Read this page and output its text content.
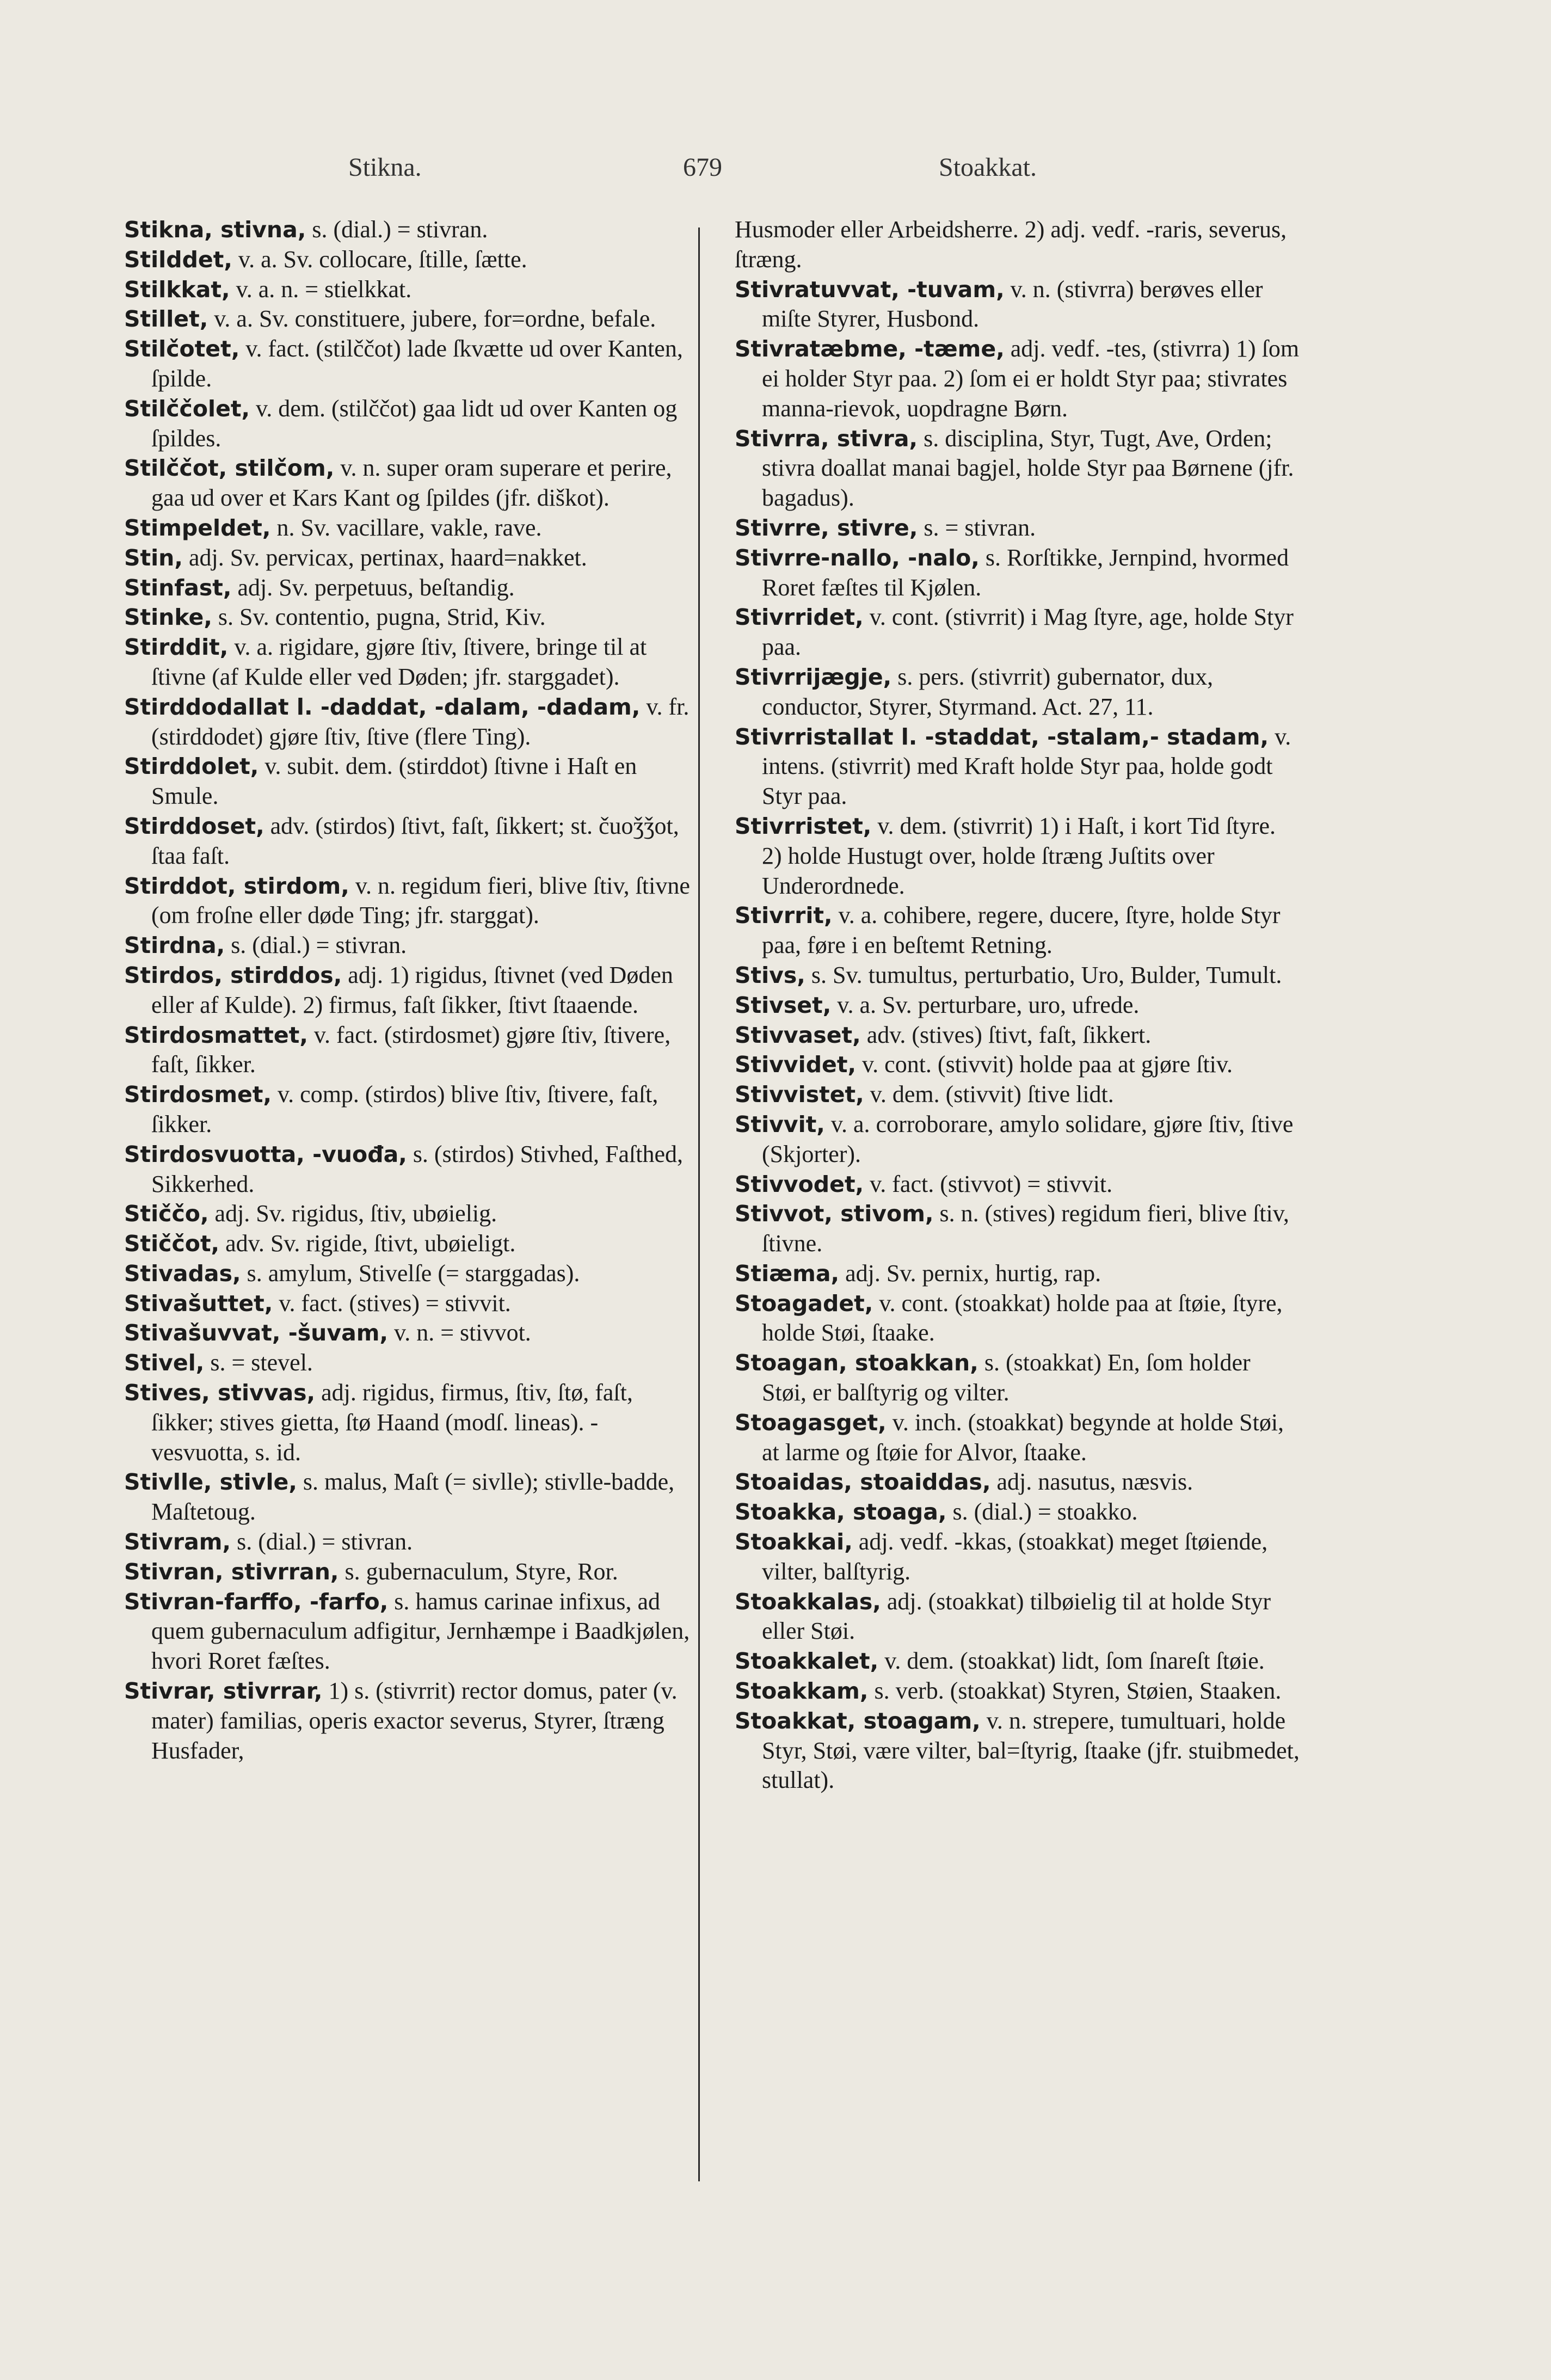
Stikna.	679	Stoakkat.

Stikna, stivna, s. (dial.) = stivran.

Stilddet, v. a. Sv. collocare, ſtille, ſætte.

Stilkkat, v. a. n. = stielkkat.

Stillet, v. a. Sv. constituere, jubere, for=ordne, befale.

Stilčotet, v. fact. (stilččot) lade ſkvætte ud over Kanten, ſpilde.

Stilččolet, v. dem. (stilččot) gaa lidt ud over Kanten og ſpildes.

Stilččot, stilčom, v. n. super oram superare et perire, gaa ud over et Kars Kant og ſpildes (jfr. diškot).

Stimpeldet, n. Sv. vacillare, vakle, rave.

Stin, adj. Sv. pervicax, pertinax, haard=nakket.

Stinfast, adj. Sv. perpetuus, beſtandig.

Stinke, s. Sv. contentio, pugna, Strid, Kiv.

Stirddit, v. a. rigidare, gjøre ſtiv, ſtivere, bringe til at ſtivne (af Kulde eller ved Døden; jfr. starggadet).

Stirddodallat l. -daddat, -dalam, -dadam, v. fr. (stirddodet) gjøre ſtiv, ſtive (flere Ting).

Stirddolet, v. subit. dem. (stirddot) ſtivne i Haſt en Smule.

Stirddoset, adv. (stirdos) ſtivt, faſt, ſikkert; st. čuoǯǯot, ſtaa faſt.

Stirddot, stirdom, v. n. regidum fieri, blive ſtiv, ſtivne (om froſne eller døde Ting; jfr. starggat).

Stirdna, s. (dial.) = stivran.

Stirdos, stirddos, adj. 1) rigidus, ſtivnet (ved Døden eller af Kulde). 2) firmus, faſt ſikker, ſtivt ſtaaende.

Stirdosmattet, v. fact. (stirdosmet) gjøre ſtiv, ſtivere, faſt, ſikker.

Stirdosmet, v. comp. (stirdos) blive ſtiv, ſtivere, faſt, ſikker.

Stirdosvuotta, -vuođa, s. (stirdos) Stivhed, Faſthed, Sikkerhed.

Stiččo, adj. Sv. rigidus, ſtiv, ubøielig.

Stiččot, adv. Sv. rigide, ſtivt, ubøieligt.

Stivadas, s. amylum, Stivelſe (= starggadas).

Stivašuttet, v. fact. (stives) = stivvit.

Stivašuvvat, -šuvam, v. n. = stivvot.

Stivel, s. = stevel.

Stives, stivvas, adj. rigidus, firmus, ſtiv, ſtø, faſt, ſikker; stives gietta, ſtø Haand (modſ. lineas). -vesvuotta, s. id.

Stivlle, stivle, s. malus, Maſt (= sivlle); stivlle-badde, Maſtetoug.

Stivram, s. (dial.) = stivran.

Stivran, stivrran, s. gubernaculum, Styre, Ror.

Stivran-farffo, -farfo, s. hamus carinae infixus, ad quem gubernaculum adfigitur, Jernhæmpe i Baadkjølen, hvori Roret fæſtes.

Stivrar, stivrrar, 1) s. (stivrrit) rector domus, pater (v. mater) familias, operis exactor severus, Styrer, ſtræng Husfader,

Husmoder eller Arbeidsherre. 2) adj. vedf. -raris, severus, ſtræng.

Stivratuvvat, -tuvam, v. n. (stivrra) berøves eller miſte Styrer, Husbond.

Stivratæbme, -tæme, adj. vedf. -tes, (stivrra) 1) ſom ei holder Styr paa. 2) ſom ei er holdt Styr paa; stivrates manna-rievok, uopdragne Børn.

Stivrra, stivra, s. disciplina, Styr, Tugt, Ave, Orden; stivra doallat manai bagjel, holde Styr paa Børnene (jfr. bagadus).

Stivrre, stivre, s. = stivran.

Stivrre-nallo, -nalo, s. Rorſtikke, Jernpind, hvormed Roret fæſtes til Kjølen.

Stivrridet, v. cont. (stivrrit) i Mag ſtyre, age, holde Styr paa.

Stivrrijægje, s. pers. (stivrrit) gubernator, dux, conductor, Styrer, Styrmand. Act. 27, 11.

Stivrristallat l. -staddat, -stalam,- stadam, v. intens. (stivrrit) med Kraft holde Styr paa, holde godt Styr paa.

Stivrristet, v. dem. (stivrrit) 1) i Haſt, i kort Tid ſtyre. 2) holde Hustugt over, holde ſtræng Juſtits over Underordnede.

Stivrrit, v. a. cohibere, regere, ducere, ſtyre, holde Styr paa, føre i en beſtemt Retning.

Stivs, s. Sv. tumultus, perturbatio, Uro, Bulder, Tumult.

Stivset, v. a. Sv. perturbare, uro, ufrede.

Stivvaset, adv. (stives) ſtivt, faſt, ſikkert.

Stivvidet, v. cont. (stivvit) holde paa at gjøre ſtiv.

Stivvistet, v. dem. (stivvit) ſtive lidt.

Stivvit, v. a. corroborare, amylo solidare, gjøre ſtiv, ſtive (Skjorter).

Stivvodet, v. fact. (stivvot) = stivvit.

Stivvot, stivom, s. n. (stives) regidum fieri, blive ſtiv, ſtivne.

Stiæma, adj. Sv. pernix, hurtig, rap.

Stoagadet, v. cont. (stoakkat) holde paa at ſtøie, ſtyre, holde Støi, ſtaake.

Stoagan, stoakkan, s. (stoakkat) En, ſom holder Støi, er balſtyrig og vilter.

Stoagasget, v. inch. (stoakkat) begynde at holde Støi, at larme og ſtøie for Alvor, ſtaake.

Stoaidas, stoaiddas, adj. nasutus, næsvis.

Stoakka, stoaga, s. (dial.) = stoakko.

Stoakkai, adj. vedf. -kkas, (stoakkat) meget ſtøiende, vilter, balſtyrig.

Stoakkalas, adj. (stoakkat) tilbøielig til at holde Styr eller Støi.

Stoakkalet, v. dem. (stoakkat) lidt, ſom ſnareſt ſtøie.

Stoakkam, s. verb. (stoakkat) Styren, Støien, Staaken.

Stoakkat, stoagam, v. n. strepere, tumultuari, holde Styr, Støi, være vilter, bal=ſtyrig, ſtaake (jfr. stuibmedet, stullat).
